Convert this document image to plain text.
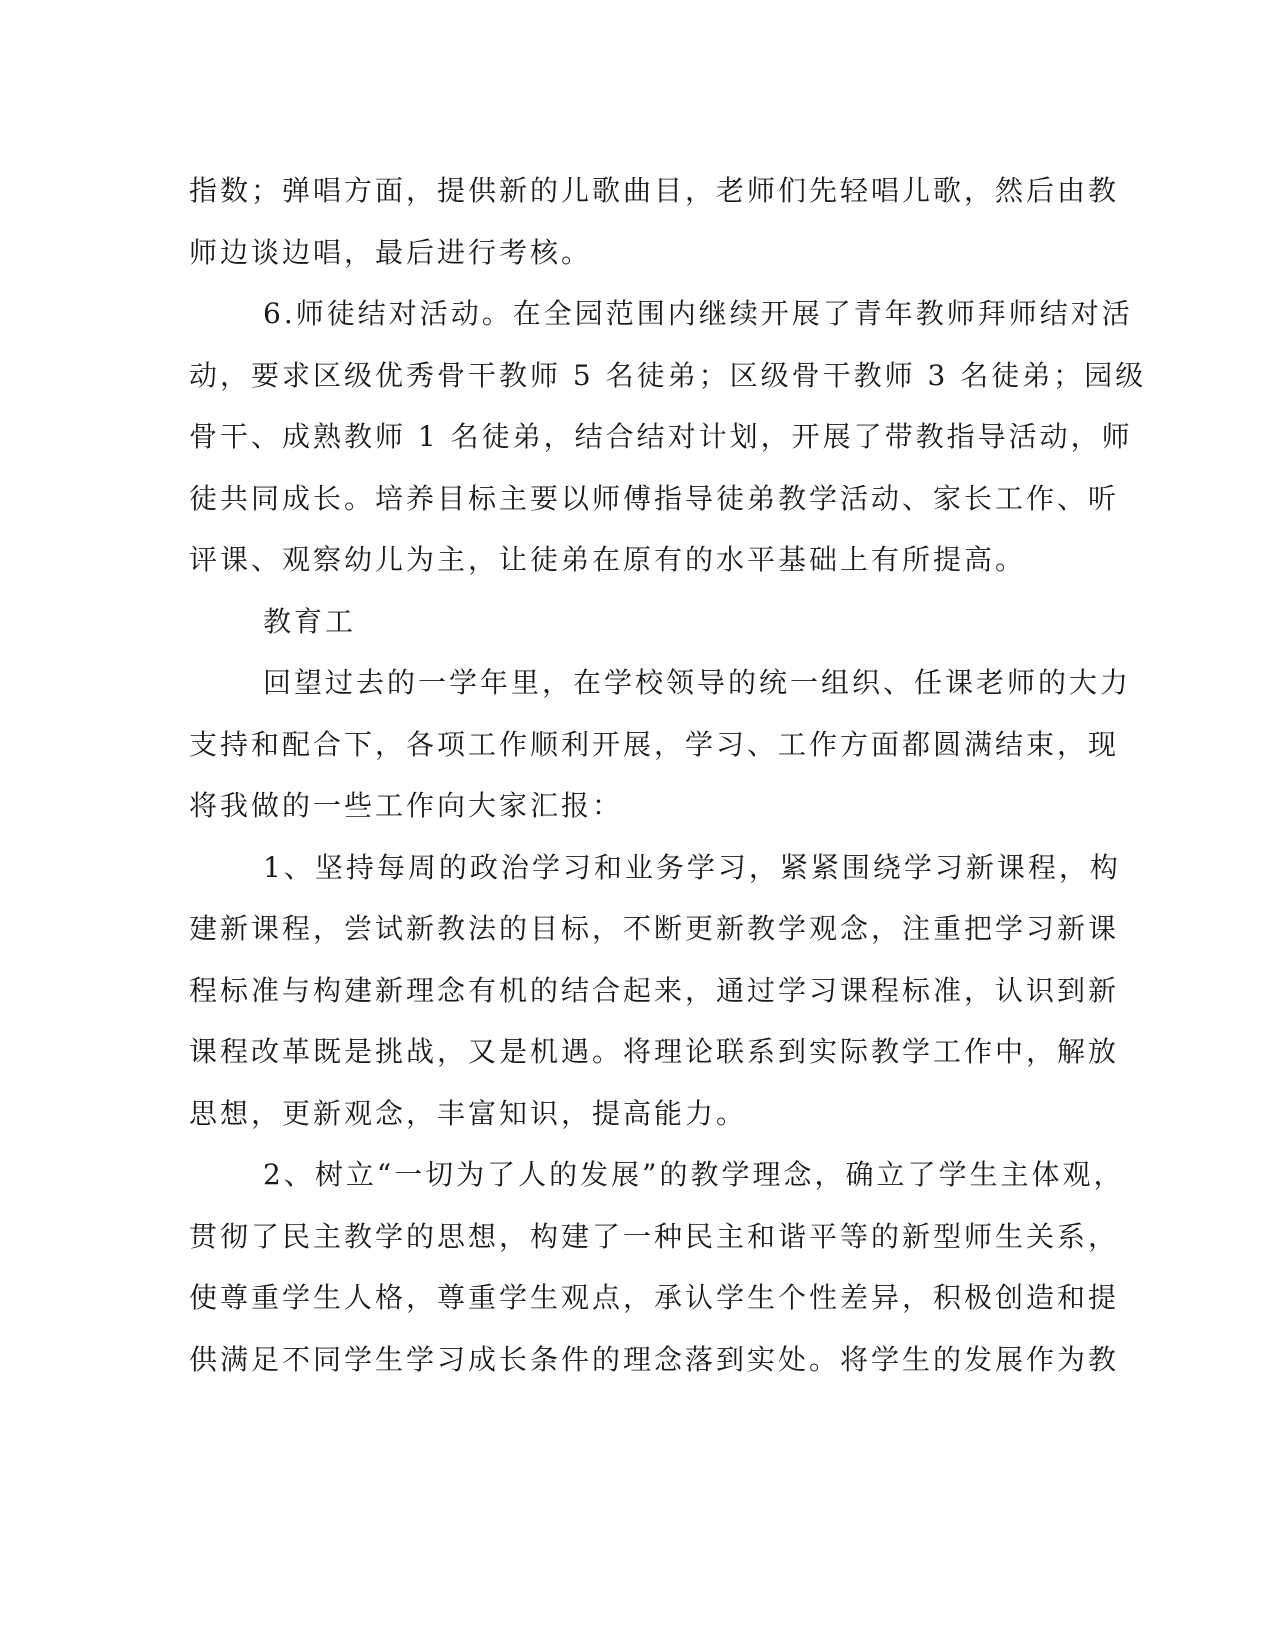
指数；弹唱方面，提供新的儿歌曲目，老师们先轻唱儿歌，然后由教
师边谈边唱，最后进行考核。

6.师徒结对活动。在全园范围内继续开展了青年教师拜师结对活
动，要求区级优秀骨干教师 5 名徒弟；区级骨干教师 3 名徒弟；园级
骨干、成熟教师 1 名徒弟，结合结对计划，开展了带教指导活动，师
徒共同成长。培养目标主要以师傅指导徒弟教学活动、家长工作、听
评课、观察幼儿为主，让徒弟在原有的水平基础上有所提高。

教育工

回望过去的一学年里，在学校领导的统一组织、任课老师的大力
支持和配合下，各项工作顺利开展，学习、工作方面都圆满结束，现
将我做的一些工作向大家汇报：

1、坚持每周的政治学习和业务学习，紧紧围绕学习新课程，构
建新课程，尝试新教法的目标，不断更新教学观念，注重把学习新课
程标准与构建新理念有机的结合起来，通过学习课程标准，认识到新
课程改革既是挑战，又是机遇。将理论联系到实际教学工作中，解放
思想，更新观念，丰富知识，提高能力。

2、树立“一切为了人的发展”的教学理念，确立了学生主体观，
贯彻了民主教学的思想，构建了一种民主和谐平等的新型师生关系，
使尊重学生人格，尊重学生观点，承认学生个性差异，积极创造和提
供满足不同学生学习成长条件的理念落到实处。将学生的发展作为教
